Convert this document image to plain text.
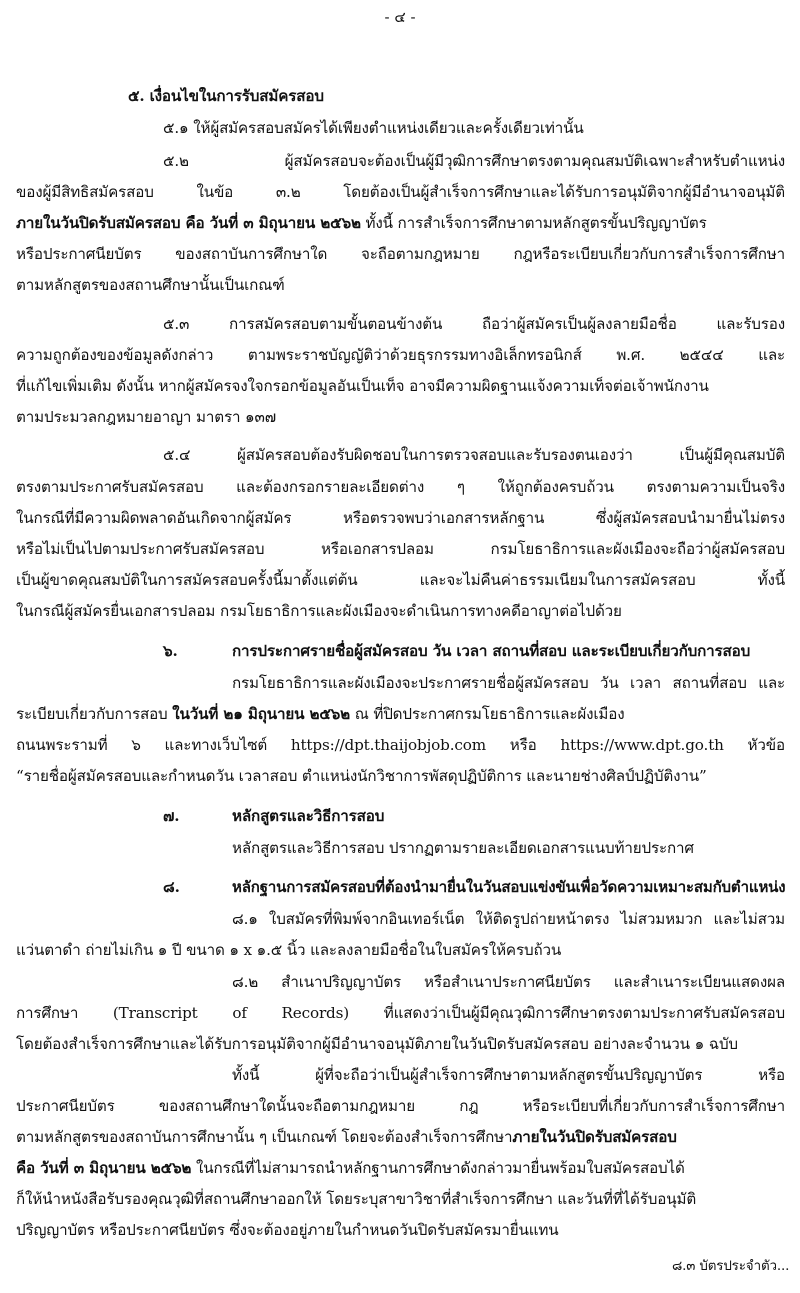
- ๔ -
๕. เงื่อนไขในการรับสมัครสอบ
๕.๑ ให้ผู้สมัครสอบสมัครได้เพียงตำแหน่งเดียวและครั้งเดียวเท่านั้น
๕.๒ ผู้สมัครสอบจะต้องเป็นผู้มีวุฒิการศึกษาตรงตามคุณสมบัติเฉพาะสำหรับตำแหน่ง
ของผู้มีสิทธิสมัครสอบ ในข้อ ๓.๒ โดยต้องเป็นผู้สำเร็จการศึกษาและได้รับการอนุมัติจากผู้มีอำนาจอนุมัติ
ภายในวันปิดรับสมัครสอบ คือ วันที่ ๓ มิถุนายน ๒๕๖๒ ทั้งนี้ การสำเร็จการศึกษาตามหลักสูตรขั้นปริญญาบัตร
หรือประกาศนียบัตร ของสถาบันการศึกษาใด จะถือตามกฎหมาย กฎหรือระเบียบเกี่ยวกับการสำเร็จการศึกษา
ตามหลักสูตรของสถานศึกษานั้นเป็นเกณฑ์
๕.๓ การสมัครสอบตามขั้นตอนข้างต้น ถือว่าผู้สมัครเป็นผู้ลงลายมือชื่อ และรับรอง
ความถูกต้องของข้อมูลดังกล่าว ตามพระราชบัญญัติว่าด้วยธุรกรรมทางอิเล็กทรอนิกส์ พ.ศ. ๒๕๔๔ และ
ที่แก้ไขเพิ่มเติม ดังนั้น หากผู้สมัครจงใจกรอกข้อมูลอันเป็นเท็จ อาจมีความผิดฐานแจ้งความเท็จต่อเจ้าพนักงาน
ตามประมวลกฎหมายอาญา มาตรา ๑๓๗
๕.๔ ผู้สมัครสอบต้องรับผิดชอบในการตรวจสอบและรับรองตนเองว่า เป็นผู้มีคุณสมบัติ
ตรงตามประกาศรับสมัครสอบ และต้องกรอกรายละเอียดต่าง ๆ ให้ถูกต้องครบถ้วน ตรงตามความเป็นจริง
ในกรณีที่มีความผิดพลาดอันเกิดจากผู้สมัคร หรือตรวจพบว่าเอกสารหลักฐาน ซึ่งผู้สมัครสอบนำมายื่นไม่ตรง
หรือไม่เป็นไปตามประกาศรับสมัครสอบ หรือเอกสารปลอม กรมโยธาธิการและผังเมืองจะถือว่าผู้สมัครสอบ
เป็นผู้ขาดคุณสมบัติในการสมัครสอบครั้งนี้มาตั้งแต่ต้น และจะไม่คืนค่าธรรมเนียมในการสมัครสอบ ทั้งนี้
ในกรณีผู้สมัครยื่นเอกสารปลอม กรมโยธาธิการและผังเมืองจะดำเนินการทางคดีอาญาต่อไปด้วย
๖.	การประกาศรายชื่อผู้สมัครสอบ วัน เวลา สถานที่สอบ และระเบียบเกี่ยวกับการสอบ
กรมโยธาธิการและผังเมืองจะประกาศรายชื่อผู้สมัครสอบ วัน เวลา สถานที่สอบ และ
ระเบียบเกี่ยวกับการสอบ ในวันที่ ๒๑ มิถุนายน ๒๕๖๒ ณ ที่ปิดประกาศกรมโยธาธิการและผังเมือง
ถนนพระรามที่ ๖ และทางเว็บไซต์ https://dpt.thaijobjob.com หรือ https://www.dpt.go.th หัวข้อ
“รายชื่อผู้สมัครสอบและกำหนดวัน เวลาสอบ ตำแหน่งนักวิชาการพัสดุปฏิบัติการ และนายช่างศิลป์ปฏิบัติงาน”
๗.	หลักสูตรและวิธีการสอบ
หลักสูตรและวิธีการสอบ ปรากฏตามรายละเอียดเอกสารแนบท้ายประกาศ
๘.	หลักฐานการสมัครสอบที่ต้องนำมายื่นในวันสอบแข่งขันเพื่อวัดความเหมาะสมกับตำแหน่ง
๘.๑ ใบสมัครที่พิมพ์จากอินเทอร์เน็ต ให้ติดรูปถ่ายหน้าตรง ไม่สวมหมวก และไม่สวม
แว่นตาดำ ถ่ายไม่เกิน ๑ ปี ขนาด ๑ x ๑.๕ นิ้ว และลงลายมือชื่อในใบสมัครให้ครบถ้วน
๘.๒ สำเนาปริญญาบัตร หรือสำเนาประกาศนียบัตร และสำเนาระเบียนแสดงผล
การศึกษา (Transcript of Records) ที่แสดงว่าเป็นผู้มีคุณวุฒิการศึกษาตรงตามประกาศรับสมัครสอบ
โดยต้องสำเร็จการศึกษาและได้รับการอนุมัติจากผู้มีอำนาจอนุมัติภายในวันปิดรับสมัครสอบ อย่างละจำนวน ๑ ฉบับ
ทั้งนี้ ผู้ที่จะถือว่าเป็นผู้สำเร็จการศึกษาตามหลักสูตรขั้นปริญญาบัตร หรือ
ประกาศนียบัตร ของสถานศึกษาใดนั้นจะถือตามกฎหมาย กฎ หรือระเบียบที่เกี่ยวกับการสำเร็จการศึกษา
ตามหลักสูตรของสถาบันการศึกษานั้น ๆ เป็นเกณฑ์ โดยจะต้องสำเร็จการศึกษาภายในวันปิดรับสมัครสอบ
คือ วันที่ ๓ มิถุนายน ๒๕๖๒ ในกรณีที่ไม่สามารถนำหลักฐานการศึกษาดังกล่าวมายื่นพร้อมใบสมัครสอบได้
ก็ให้นำหนังสือรับรองคุณวุฒิที่สถานศึกษาออกให้ โดยระบุสาขาวิชาที่สำเร็จการศึกษา และวันที่ที่ได้รับอนุมัติ
ปริญญาบัตร หรือประกาศนียบัตร ซึ่งจะต้องอยู่ภายในกำหนดวันปิดรับสมัครมายื่นแทน
๘.๓ บัตรประจำตัว...
